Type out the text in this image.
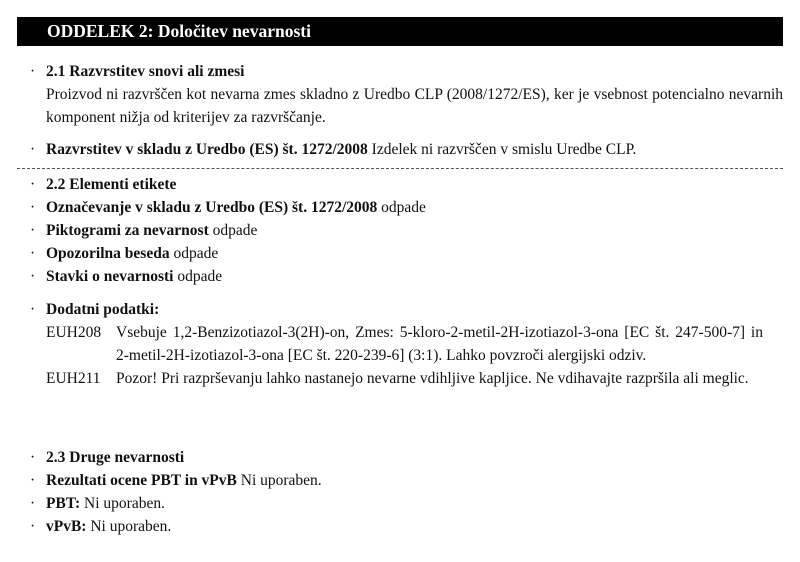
ODDELEK 2: Določitev nevarnosti
· 2.1 Razvrstitev snovi ali zmesi
Proizvod ni razvrščen kot nevarna zmes skladno z Uredbo CLP (2008/1272/ES), ker je vsebnost potencialno nevarnih komponent nižja od kriterijev za razvrščanje.
· Razvrstitev v skladu z Uredbo (ES) št. 1272/2008 Izdelek ni razvrščen v smislu Uredbe CLP.
· 2.2 Elementi etikete
· Označevanje v skladu z Uredbo (ES) št. 1272/2008 odpade
· Piktogrami za nevarnost odpade
· Opozorilna beseda odpade
· Stavki o nevarnosti odpade
· Dodatni podatki:
EUH208 Vsebuje 1,2-Benzizotiazol-3(2H)-on, Zmes: 5-kloro-2-metil-2H-izotiazol-3-ona [EC št. 247-500-7] in 2-metil-2H-izotiazol-3-ona [EC št. 220-239-6] (3:1). Lahko povzroči alergijski odziv.
EUH211 Pozor! Pri razprševanju lahko nastanejo nevarne vdihljive kapljice. Ne vdihavajte razpršila ali meglic.
· 2.3 Druge nevarnosti
· Rezultati ocene PBT in vPvB Ni uporaben.
· PBT: Ni uporaben.
· vPvB: Ni uporaben.
